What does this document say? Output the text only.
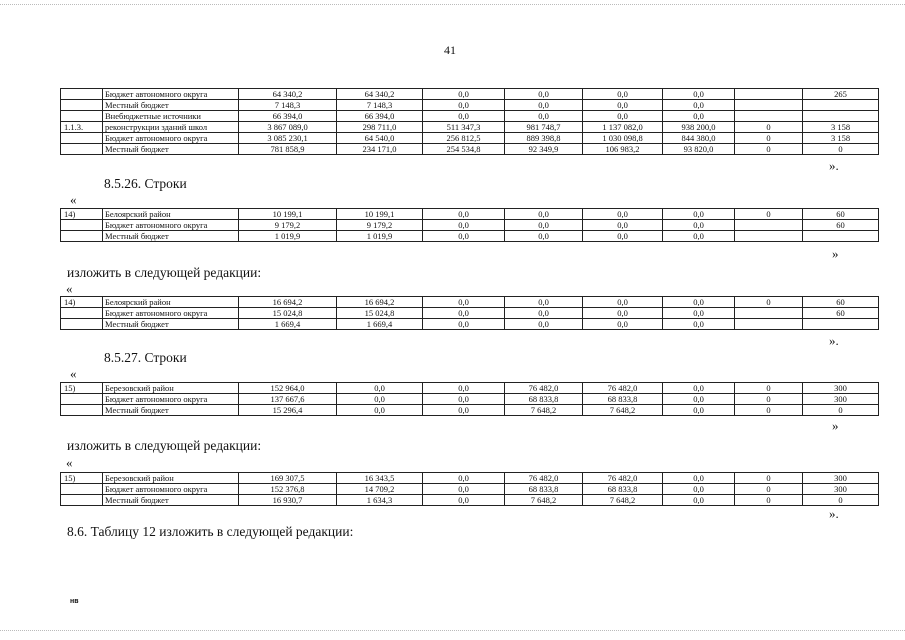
41
	Бюджет автономного округа	64 340,2	64 340,2	0,0	0,0	0,0	0,0		265
	Местный бюджет	7 148,3	7 148,3	0,0	0,0	0,0	0,0		
	Внебюджетные источники	66 394,0	66 394,0	0,0	0,0	0,0	0,0		
1.1.3.	реконструкции зданий школ	3 867 089,0	298 711,0	511 347,3	981 748,7	1 137 082,0	938 200,0	0	3 158
	Бюджет автономного округа	3 085 230,1	64 540,0	256 812,5	889 398,8	1 030 098,8	844 380,0	0	3 158
	Местный бюджет	781 858,9	234 171,0	254 534,8	92 349,9	106 983,2	93 820,0	0	0
».
8.5.26. Строки
«
14)	Белоярский район	10 199,1	10 199,1	0,0	0,0	0,0	0,0	0	60
	Бюджет автономного округа	9 179,2	9 179,2	0,0	0,0	0,0	0,0		60
	Местный бюджет	1 019,9	1 019,9	0,0	0,0	0,0	0,0		
»
изложить в следующей редакции:
«
14)	Белоярский район	16 694,2	16 694,2	0,0	0,0	0,0	0,0	0	60
	Бюджет автономного округа	15 024,8	15 024,8	0,0	0,0	0,0	0,0		60
	Местный бюджет	1 669,4	1 669,4	0,0	0,0	0,0	0,0		
».
8.5.27. Строки
«
15)	Березовский район	152 964,0	0,0	0,0	76 482,0	76 482,0	0,0	0	300
	Бюджет автономного округа	137 667,6	0,0	0,0	68 833,8	68 833,8	0,0	0	300
	Местный бюджет	15 296,4	0,0	0,0	7 648,2	7 648,2	0,0	0	0
»
изложить в следующей редакции:
«
15)	Березовский район	169 307,5	16 343,5	0,0	76 482,0	76 482,0	0,0	0	300
	Бюджет автономного округа	152 376,8	14 709,2	0,0	68 833,8	68 833,8	0,0	0	300
	Местный бюджет	16 930,7	1 634,3	0,0	7 648,2	7 648,2	0,0	0	0
».
8.6. Таблицу 12 изложить в следующей редакции:
нв
